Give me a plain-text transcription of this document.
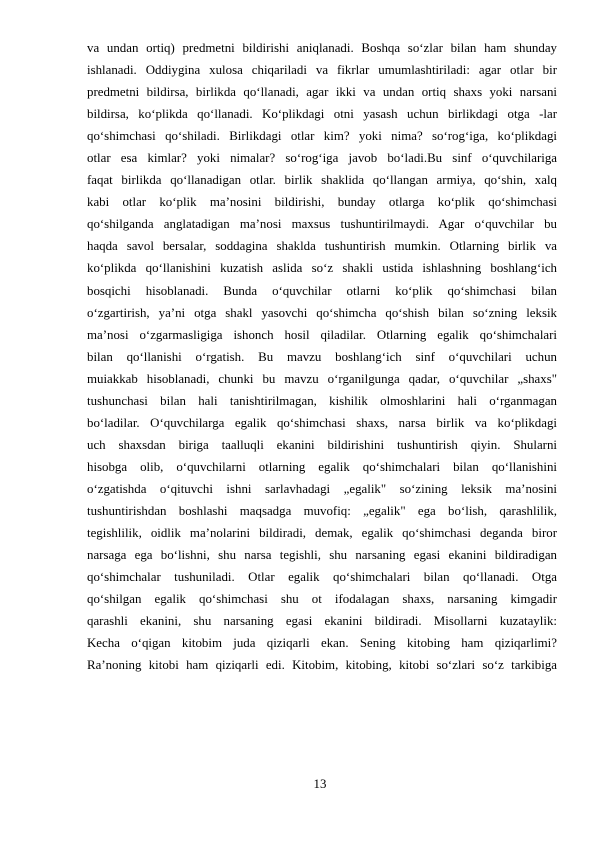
va undan ortiq) predmetni bildirishi aniqlanadi. Boshqa so‘zlar bilan ham shunday
ishlanadi. Oddiygina xulosa chiqariladi va fikrlar umumlashtiriladi: agar otlar bir
predmetni bildirsa, birlikda qo‘llanadi, agar ikki va undan ortiq shaxs yoki narsani
bildirsa, ko‘plikda qo‘llanadi. Ko‘plikdagi otni yasash uchun birlikdagi otga -lar
qo‘shimchasi qo‘shiladi. Birlikdagi otlar kim? yoki nima? so‘rog‘iga, ko‘plikdagi
otlar esa kimlar? yoki nimalar? so‘rog‘iga javob bo‘ladi.Bu sinf o‘quvchilariga
faqat birlikda qo‘llanadigan otlar. birlik shaklida qo‘llangan armiya, qo‘shin, xalq
kabi otlar ko‘plik ma’nosini bildirishi, bunday otlarga ko‘plik qo‘shimchasi
qo‘shilganda anglatadigan ma’nosi maxsus tushuntirilmaydi. Agar o‘quvchilar bu
haqda savol bersalar, soddagina shaklda tushuntirish mumkin. Otlarning birlik va
ko‘plikda qo‘llanishini kuzatish aslida so‘z shakli ustida ishlashning boshlang‘ich
bosqichi hisoblanadi. Bunda o‘quvchilar otlarni ko‘plik qo‘shimchasi bilan
o‘zgartirish, ya’ni otga shakl yasovchi qo‘shimcha qo‘shish bilan so‘zning leksik
ma’nosi o‘zgarmasligiga ishonch hosil qiladilar. Otlarning egalik qo‘shimchalari
bilan qo‘llanishi o‘rgatish. Bu mavzu boshlang‘ich sinf o‘quvchilari uchun
muiakkab hisoblanadi, chunki bu mavzu o‘rganilgunga qadar, o‘quvchilar „shaxs"
tushunchasi bilan hali tanishtirilmagan, kishilik olmoshlarini hali o‘rganmagan
bo‘ladilar. O‘quvchilarga egalik qo‘shimchasi shaxs, narsa birlik va ko‘plikdagi
uch shaxsdan biriga taalluqli ekanini bildirishini tushuntirish qiyin. Shularni
hisobga olib, o‘quvchilarni otlarning egalik qo‘shimchalari bilan qo‘llanishini
o‘zgatishda o‘qituvchi ishni sarlavhadagi „egalik" so‘zining leksik ma’nosini
tushuntirishdan boshlashi maqsadga muvofiq: „egalik" ega bo‘lish, qarashlilik,
tegishlilik, oidlik ma’nolarini bildiradi, demak, egalik qo‘shimchasi deganda biror
narsaga ega bo‘lishni, shu narsa tegishli, shu narsaning egasi ekanini bildiradigan
qo‘shimchalar tushuniladi. Otlar egalik qo‘shimchalari bilan qo‘llanadi. Otga
qo‘shilgan egalik qo‘shimchasi shu ot ifodalagan shaxs, narsaning kimgadir
qarashli ekanini, shu narsaning egasi ekanini bildiradi. Misollarni kuzataylik:
Kecha o‘qigan kitobim juda qiziqarli ekan. Sening kitobing ham qiziqarlimi?
Ra’noning kitobi ham qiziqarli edi. Kitobim, kitobing, kitobi so‘zlari so‘z tarkibiga

13
